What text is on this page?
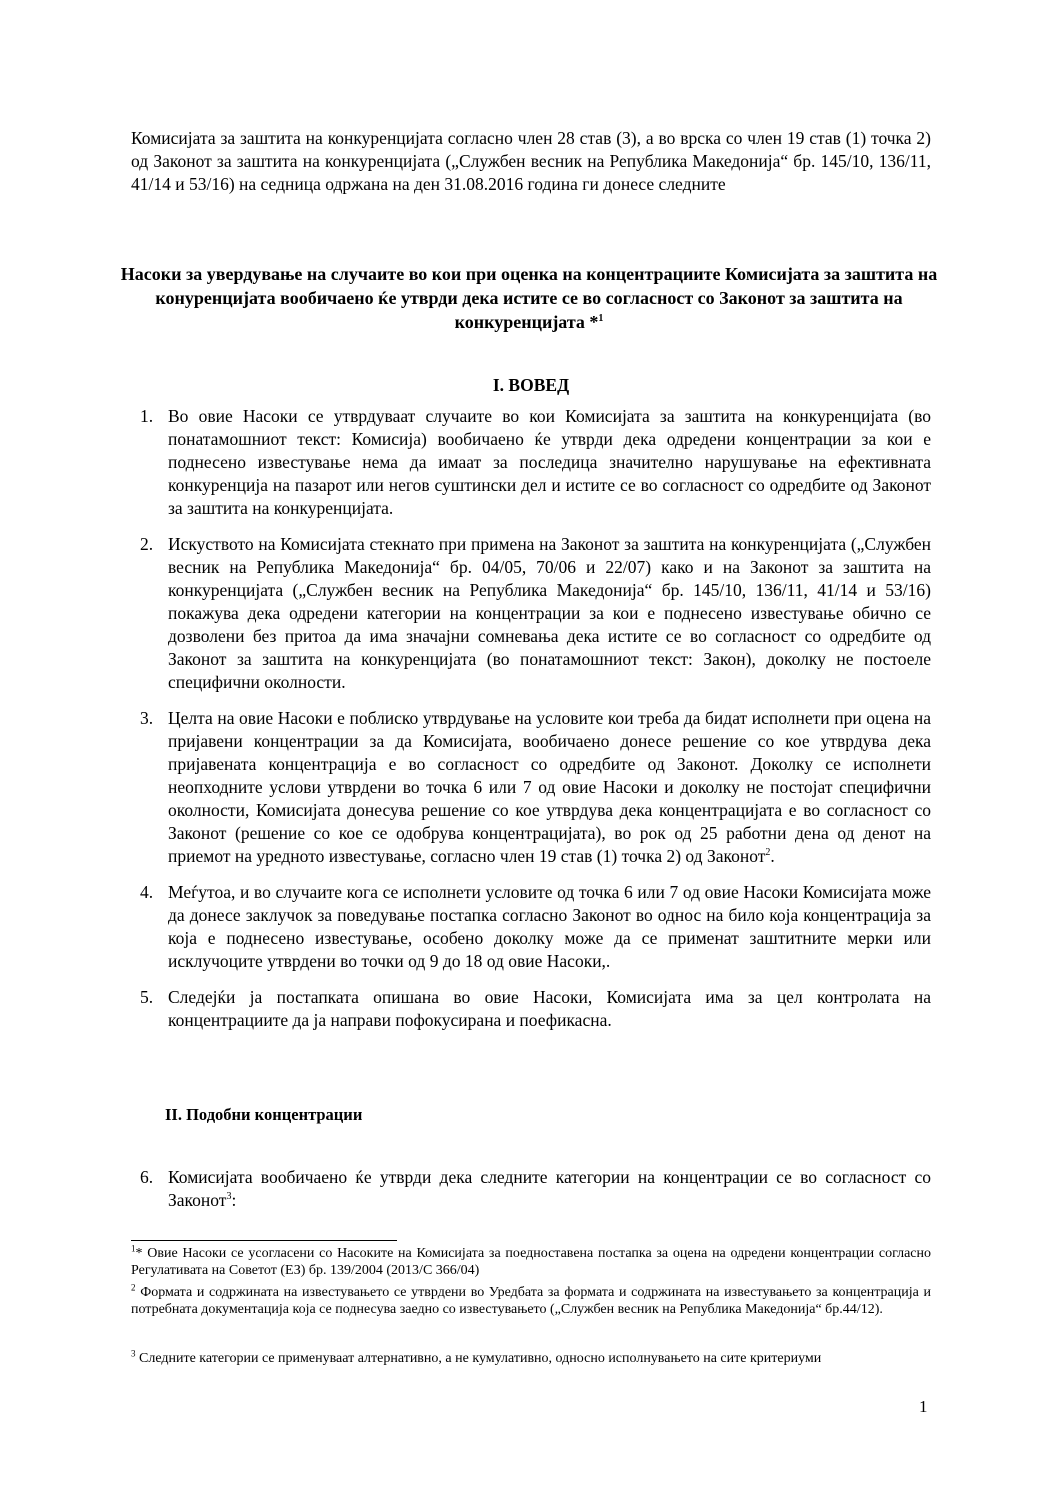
Комисијата за заштита на конкуренцијата согласно член 28 став (3), а во врска со член 19 став (1) точка 2) од Законот за заштита на конкуренцијата („Службен весник на Република Македонија“ бр. 145/10, 136/11, 41/14 и 53/16) на седница одржана на ден 31.08.2016 година ги донесе следните

Насоки за увердување на случаите во кои при оценка на концентрациите Комисијата за заштита на конуренцијата вообичаено ќе утврди дека истите се во согласност со Законот за заштита на конкуренцијата *$^1$

I. ВОВЕД

1. Во овие Насоки се утврдуваат случаите во кои Комисијата за заштита на конкуренцијата (во понатамошниот текст: Комисија) вообичаено ќе утврди дека одредени концентрации за кои е поднесено известување нема да имаат за последица значително нарушување на ефективната конкуренција на пазарот или негов суштински дел и истите се во согласност со одредбите од Законот за заштита на конкуренцијата.
2. Искуството на Комисијата стекнато при примена на Законот за заштита на конкуренцијата („Службен весник на Република Македонија“ бр. 04/05, 70/06 и 22/07) како и на Законот за заштита на конкуренцијата („Службен весник на Република Македонија“ бр. 145/10, 136/11, 41/14 и 53/16) покажува дека одредени категории на концентрации за кои е поднесено известување обично се дозволени без притоа да има значајни сомневања дека истите се во согласност со одредбите од Законот за заштита на конкуренцијата (во понатамошниот текст: Закон), доколку не постоеле специфични околности.
3. Целта на овие Насоки е поблиско утврдување на условите кои треба да бидат исполнети при оцена на пријавени концентрации за да Комисијата, вообичаено донесе решение со кое утврдува дека пријавената концентрација е во согласност со одредбите од Законот. Доколку се исполнети неопходните услови утврдени во точка 6 или 7 од овие Насоки и доколку не постојат специфични околности, Комисијата донесува решение со кое утврдува дека концентрацијата е во согласност со Законот (решение со кое се одобрува концентрацијата), во рок од 25 работни дена од денот на приемот на уредното известување, согласно член 19 став (1) точка 2) од Законот$^2$.
4. Меѓутоа, и во случаите кога се исполнети условите од точка 6 или 7 од овие Насоки Комисијата може да донесе заклучок за поведување постапка согласно Законот во однос на било која концентрација за која е поднесено известување, особено доколку може да се применат заштитните мерки или исклучоците утврдени во точки од 9 до 18 од овие Насоки,.
5. Следејќи ја постапката опишана во овие Насоки, Комисијата има за цел контролата на концентрациите да ја направи пофокусирана и поефикасна.

II. Подобни концентрации

6. Комисијата вообичаено ќе утврди дека следните категории на концентрации се во согласност со Законот$^3$:

$^1$* Овие Насоки се усогласени со Насоките на Комисијата за поедноставена постапка за оцена на одредени концентрации согласно Регулативата на Советот (ЕЗ) бр. 139/2004 (2013/С 366/04)

$^2$ Формата и содржината на известувањето се утврдени во Уредбата за формата и содржината на известувањето за концентрација и потребната документација која се поднесува заедно со известувањето („Службен весник на Република Македонија“ бр.44/12).

$^3$ Следните категории се применуваат алтернативно, а не кумулативно, односно исполнувањето на сите критериуми

1
